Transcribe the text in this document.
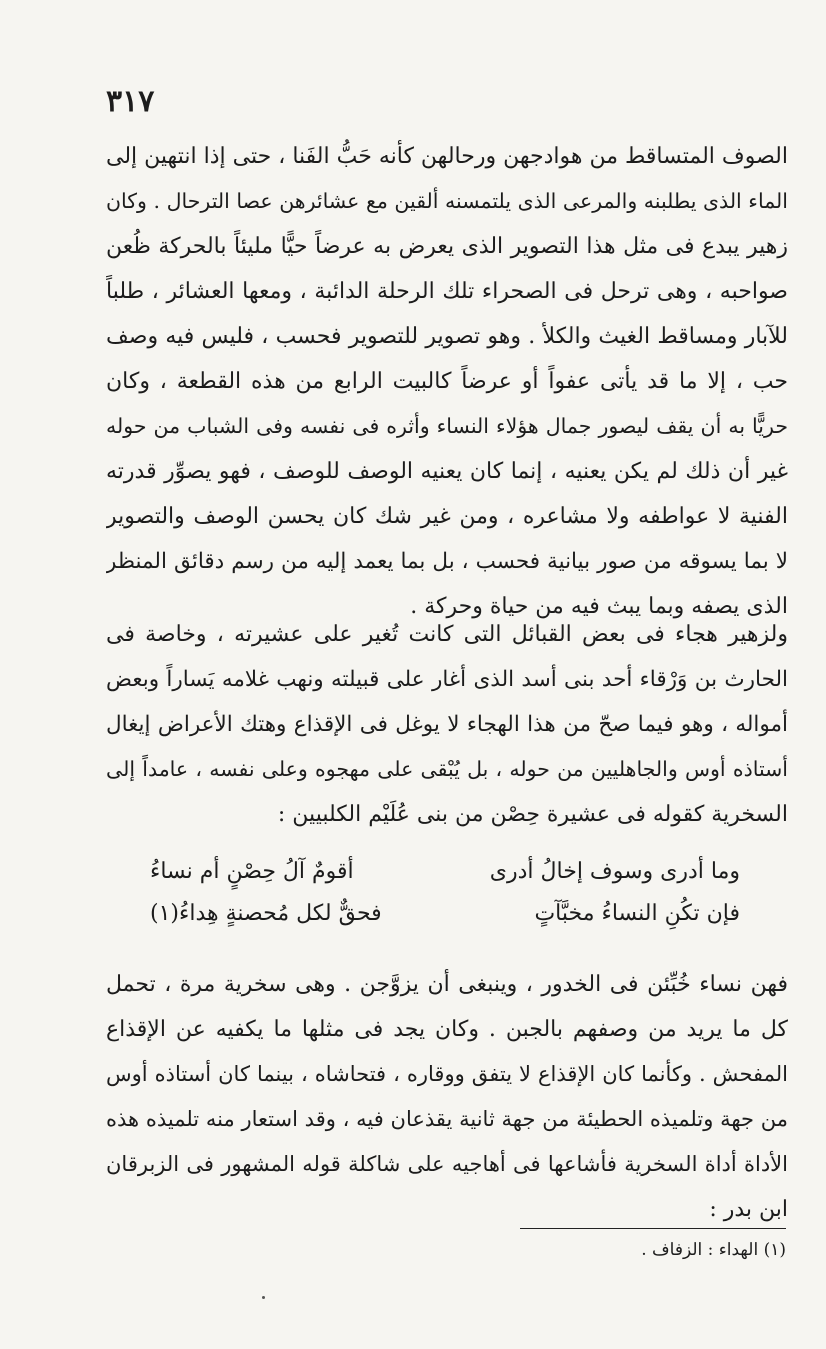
٣١٧
الصوف المتساقط من هوادجهن ورحالهن كأنه حَبُّ الفَنا ، حتى إذا انتهين إلى
الماء الذى يطلبنه والمرعى الذى يلتمسنه ألقين مع عشائرهن عصا الترحال . وكان
زهير يبدع فى مثل هذا التصوير الذى يعرض به عرضاً حيًّا مليئاً بالحركة ظُعن
صواحبه ، وهى ترحل فى الصحراء تلك الرحلة الدائبة ، ومعها العشائر ، طلباً
للآبار ومساقط الغيث والكلأ . وهو تصوير للتصوير فحسب ، فليس فيه وصف
حب ، إلا ما قد يأتى عفواً أو عرضاً كالبيت الرابع من هذه القطعة ، وكان
حريًّا به أن يقف ليصور جمال هؤلاء النساء وأثره فى نفسه وفى الشباب من حوله
غير أن ذلك لم يكن يعنيه ، إنما كان يعنيه الوصف للوصف ، فهو يصوِّر قدرته
الفنية لا عواطفه ولا مشاعره ، ومن غير شك كان يحسن الوصف والتصوير
لا بما يسوقه من صور بيانية فحسب ، بل بما يعمد إليه من رسم دقائق المنظر
الذى يصفه وبما يبث فيه من حياة وحركة .
ولزهير هجاء فى بعض القبائل التى كانت تُغير على عشيرته ، وخاصة فى
الحارث بن وَرْقاء أحد بنى أسد الذى أغار على قبيلته ونهب غلامه يَساراً وبعض
أمواله ، وهو فيما صحّ من هذا الهجاء لا يوغل فى الإقذاع وهتك الأعراض إيغال
أستاذه أوس والجاهليين من حوله ، بل يُبْقى على مهجوه وعلى نفسه ، عامداً إلى
السخرية كقوله فى عشيرة حِصْن من بنى عُلَيْم الكلبيين :
وما أدرى وسوف إخالُ أدرى
أقومٌ آلُ حِصْنٍ أم نساءُ
فإن تكُنِ النساءُ مخبَّآتٍ
فحقٌّ لكل مُحصنةٍ هِداءُ(١)
فهن نساء خُبِّئن فى الخدور ، وينبغى أن يزوَّجن . وهى سخرية مرة ، تحمل
كل ما يريد من وصفهم بالجبن . وكان يجد فى مثلها ما يكفيه عن الإقذاع
المفحش . وكأنما كان الإقذاع لا يتفق ووقاره ، فتحاشاه ، بينما كان أستاذه أوس
من جهة وتلميذه الحطيئة من جهة ثانية يقذعان فيه ، وقد استعار منه تلميذه هذه
الأداة أداة السخرية فأشاعها فى أهاجيه على شاكلة قوله المشهور فى الزبرقان
ابن بدر :
(١) الهداء : الزفاف .
